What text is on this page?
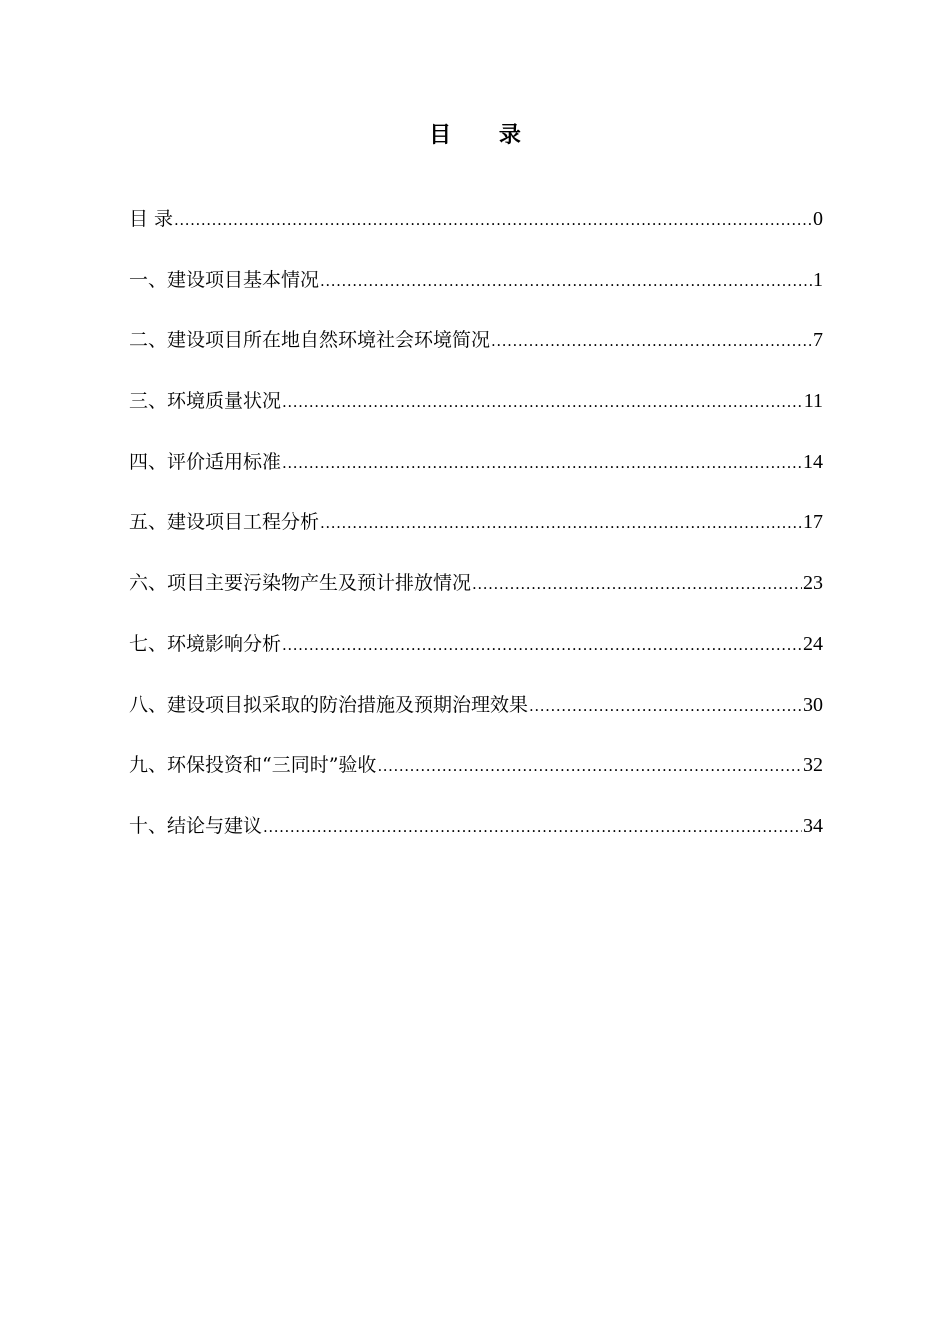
目 录
目 录 .....	0
一、建设项目基本情况 .....	1
二、建设项目所在地自然环境社会环境简况 .....	7
三、环境质量状况 .....	11
四、评价适用标准 .....	14
五、建设项目工程分析 .....	17
六、项目主要污染物产生及预计排放情况 .....	23
七、环境影响分析 .....	24
八、建设项目拟采取的防治措施及预期治理效果 .....	30
九、环保投资和“三同时”验收 .....	32
十、结论与建议 .....	34
